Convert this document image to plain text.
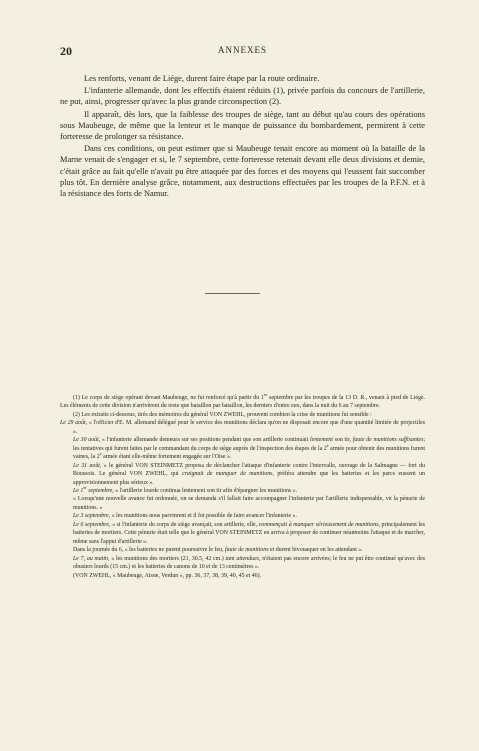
20	ANNEXES

Les renforts, venant de Liége, durent faire étape par la route ordinaire.

L'infanterie allemande, dont les effectifs étaient réduits (1), privée parfois du concours de l'artillerie, ne put, ainsi, progresser qu'avec la plus grande circonspection (2).

Il apparaît, dès lors, que la faiblesse des troupes de siège, tant au début qu'au cours des opérations sous Maubeuge, de même que la lenteur et le manque de puissance du bombardement, permirent à cette forteresse de prolonger sa résistance.

Dans ces conditions, on peut estimer que si Maubeuge tenait encore au moment où la bataille de la Marne venait de s'engager et si, le 7 septembre, cette forteresse retenait devant elle deux divisions et demie, c'était grâce au fait qu'elle n'avait pu être attaquée par des forces et des moyens qui l'eussent fait succomber plus tôt. En dernière analyse grâce, notamment, aux destructions effectuées par les troupes de la P.F.N. et à la résistance des forts de Namur.

(1) Le corps de siège opérant devant Maubeuge, ne fut renforcé qu'à partir du 1er septembre par les troupes de la 13 D. R., venant à pied de Liége. Les éléments de cette division n'arrivèrent du reste que bataillon par bataillon, les derniers d'entre eux, dans la nuit du 6 au 7 septembre.

(2) Les extraits ci-dessous, tirés des mémoires du général VON ZWEHL, prouvent combien la crise de munitions fut sensible :

Le 29 août, « l'officier d'E. M. allemand délégué pour le service des munitions déclara qu'on ne disposait encore que d'une quantité limitée de projectiles ».

Le 30 août, « l'infanterie allemande demeura sur ses positions pendant que son artillerie continuait lentement son tir, faute de munitions suffisantes; les tentatives qui furent faites par le commandant du corps de siège auprès de l'inspection des étapes de la 2e armée pour obtenir des munitions furent vaines, la 2e armée étant elle-même fortement engagée sur l'Oise ».

Le 31 août, « le général VON STEINMETZ proposa de déclancher l'attaque d'infanterie contre l'intervalle, ouvrage de la Salmagne — fort du Boussois. Le général VON ZWEHL, qui craignait de manquer de munitions, préféra attendre que les batteries et les parcs eussent un approvisionnement plus sérieux ».

Le 1er septembre, « l'artillerie lourde continua lentement son tir afin d'épargner les munitions ».

« Lorsqu'une nouvelle avance fut ordonnée, on se demanda s'il fallait faire accompagner l'infanterie par l'artillerie indispensable, vu la pénurie de munitions. »

Le 3 septembre, « les munitions nous parvinrent et il fut possible de faire avancer l'infanterie ».

Le 6 septembre, « si l'infanterie du corps de siège avançait, son artillerie, elle, commençait à manquer sérieusement de munitions, principalement les batteries de mortiers. Cette pénurie était telle que le général VON STEINMETZ en arriva à proposer de continuer néanmoins l'attaque et de marcher, même sans l'appui d'artillerie ».

Dans la journée du 6, « les batteries ne purent poursuivre le feu, faute de munitions et durent bivouaquer en les attendant ».

Le 7, au matin, « les munitions des mortiers (21, 30.5, 42 cm.) tant attendues, n'étaient pas encore arrivées; le feu ne put être continué qu'avec des obusiers lourds (15 cm.) et les batteries de canons de 10 et de 13 centimètres ».

(VON ZWEHL, « Maubeuge, Aisne, Verdun », pp. 36, 37, 38, 39, 40, 45 et 46).
